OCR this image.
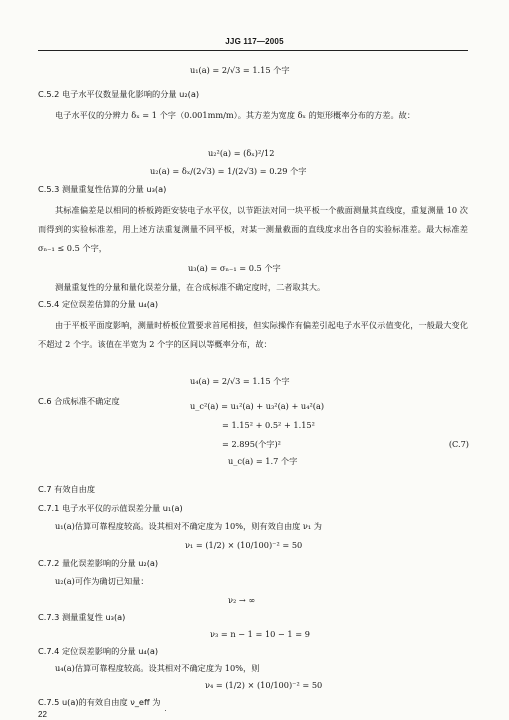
JJG 117—2005
u₁(a) = 2/√3 = 1.15 个字
C.5.2 电子水平仪数显量化影响的分量 u₂(a)
电子水平仪的分辨力 δₓ = 1 个字（0.001mm/m）。其方差为宽度 δₓ 的矩形概率分布的方差。故：
u₂²(a) = (δₓ)²/12
u₂(a) = δₓ/(2√3) = 1/(2√3) = 0.29 个字
C.5.3 测量重复性估算的分量 u₃(a)
其标准偏差是以相同的桥板跨距安装电子水平仪，以节距法对同一块平板一个截面测量其直线度，重复测量 10 次而得到的实验标准差，用上述方法重复测量不同平板，对某一测量截面的直线度求出各自的实验标准差。最大标准差 σₙ₋₁ ≤ 0.5 个字，
u₃(a) = σₙ₋₁ = 0.5 个字
测量重复性的分量和量化误差分量，在合成标准不确定度时，二者取其大。
C.5.4 定位误差估算的分量 u₄(a)
由于平板平面度影响，测量时桥板位置要求首尾相接，但实际操作有偏差引起电子水平仪示值变化，一般最大变化不超过 2 个字。该值在半宽为 2 个字的区间以等概率分布，故：
u₄(a) = 2/√3 = 1.15 个字
C.6 合成标准不确定度	u_c²(a) = u₁²(a) + u₃²(a) + u₄²(a)
= 1.15² + 0.5² + 1.15²
= 2.895(个字)²	(C.7)
u_c(a) = 1.7 个字
C.7 有效自由度
C.7.1 电子水平仪的示值误差分量 u₁(a)
u₁(a)估算可靠程度较高。设其相对不确定度为 10%，则有效自由度 ν₁ 为
ν₁ = (1/2) × (10/100)⁻² = 50
C.7.2 量化误差影响的分量 u₂(a)
u₂(a)可作为确切已知量：
ν₂ → ∞
C.7.3 测量重复性 u₃(a)
ν₃ = n − 1 = 10 − 1 = 9
C.7.4 定位误差影响的分量 u₄(a)
u₄(a)估算可靠程度较高。设其相对不确定度为 10%，则
ν₄ = (1/2) × (10/100)⁻² = 50
C.7.5 u(a)的有效自由度 ν_eff 为
22
